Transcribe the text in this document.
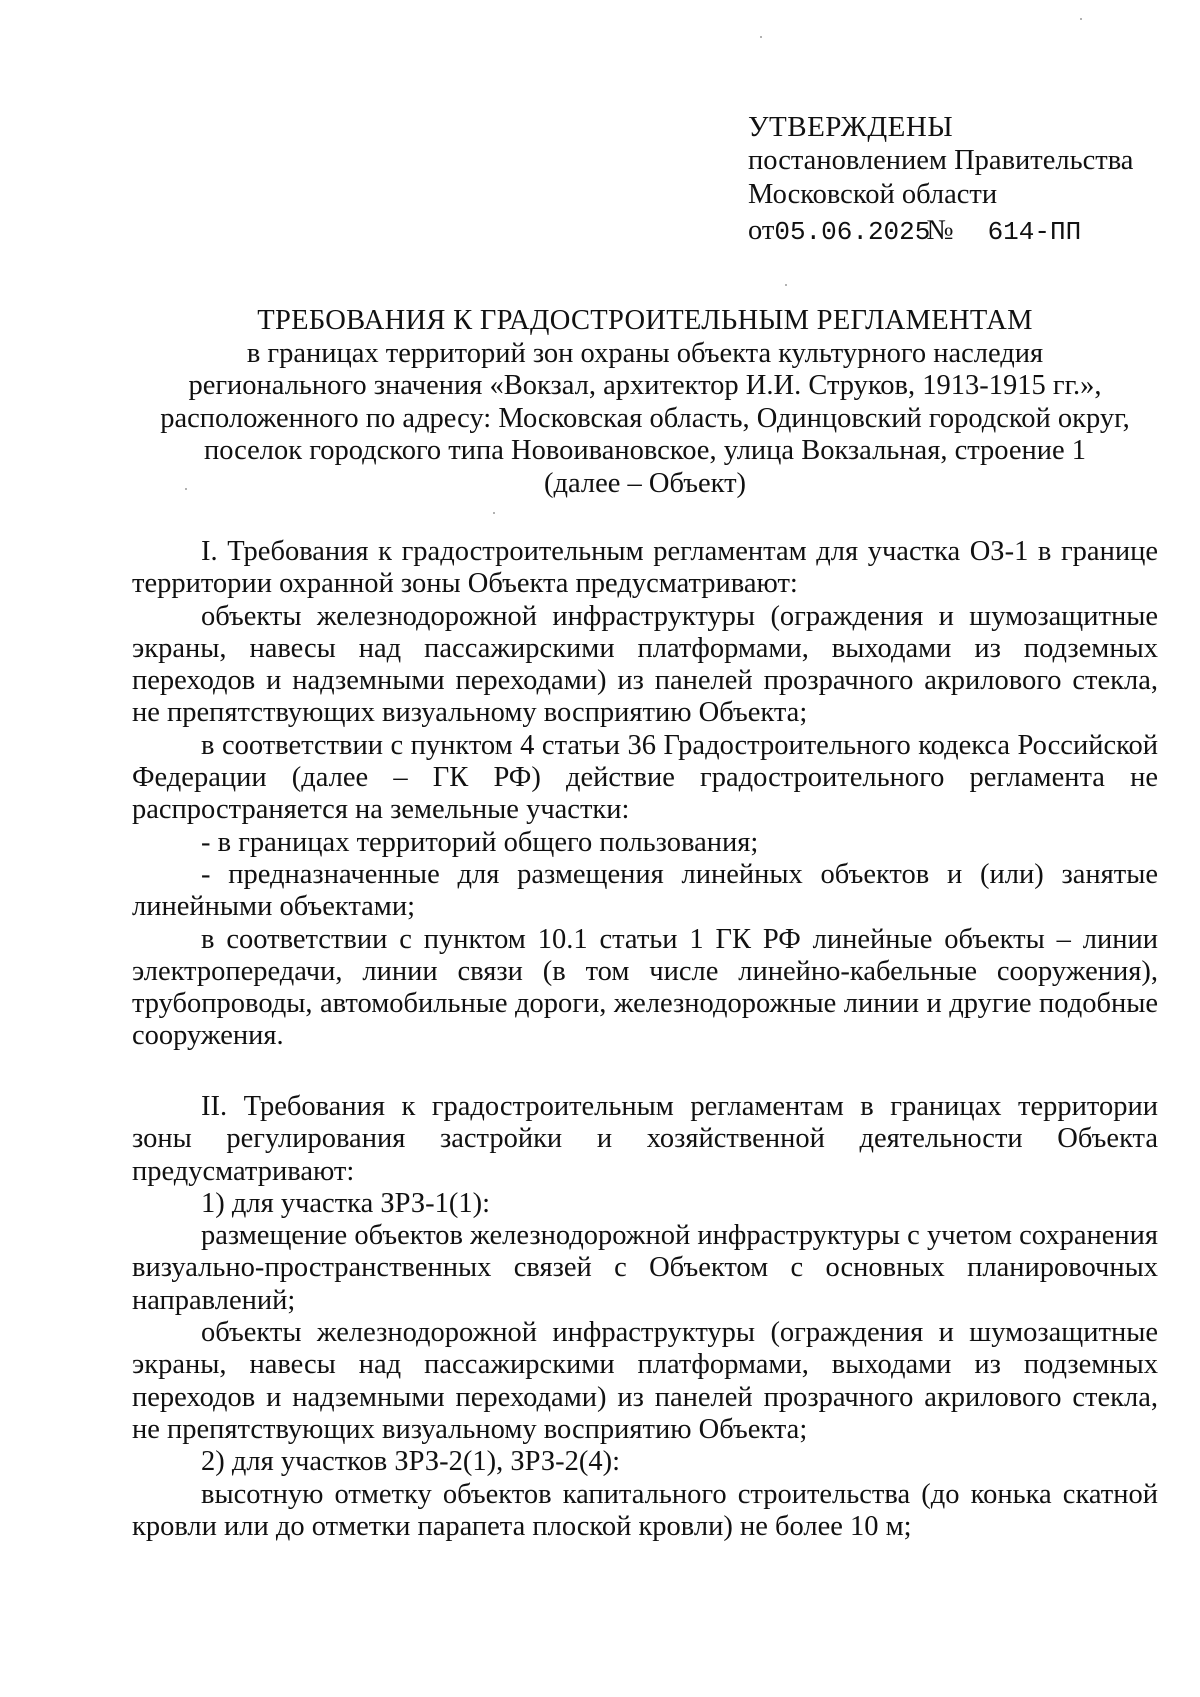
УТВЕРЖДЕНЫ
постановлением Правительства
Московской области
от05.06.2025№ 614-ПП
ТРЕБОВАНИЯ К ГРАДОСТРОИТЕЛЬНЫМ РЕГЛАМЕНТАМ
в границах территорий зон охраны объекта культурного наследия
регионального значения «Вокзал, архитектор И.И. Струков, 1913-1915 гг.»,
расположенного по адресу: Московская область, Одинцовский городской округ,
поселок городского типа Новоивановское, улица Вокзальная, строение 1
(далее – Объект)

I. Требования к градостроительным регламентам для участка ОЗ-1 в границе территории охранной зоны Объекта предусматривают:

объекты железнодорожной инфраструктуры (ограждения и шумозащитные экраны, навесы над пассажирскими платформами, выходами из подземных переходов и надземными переходами) из панелей прозрачного акрилового стекла, не препятствующих визуальному восприятию Объекта;

в соответствии с пунктом 4 статьи 36 Градостроительного кодекса Российской Федерации (далее – ГК РФ) действие градостроительного регламента не распространяется на земельные участки:

- в границах территорий общего пользования;

- предназначенные для размещения линейных объектов и (или) занятые линейными объектами;

в соответствии с пунктом 10.1 статьи 1 ГК РФ линейные объекты – линии электропередачи, линии связи (в том числе линейно-кабельные сооружения), трубопроводы, автомобильные дороги, железнодорожные линии и другие подобные сооружения.

II. Требования к градостроительным регламентам в границах территории зоны регулирования застройки и хозяйственной деятельности Объекта предусматривают:

1) для участка ЗРЗ-1(1):

размещение объектов железнодорожной инфраструктуры с учетом сохранения визуально-пространственных связей с Объектом с основных планировочных направлений;

объекты железнодорожной инфраструктуры (ограждения и шумозащитные экраны, навесы над пассажирскими платформами, выходами из подземных переходов и надземными переходами) из панелей прозрачного акрилового стекла, не препятствующих визуальному восприятию Объекта;

2) для участков ЗРЗ-2(1), ЗРЗ-2(4):

высотную отметку объектов капитального строительства (до конька скатной кровли или до отметки парапета плоской кровли) не более 10 м;
